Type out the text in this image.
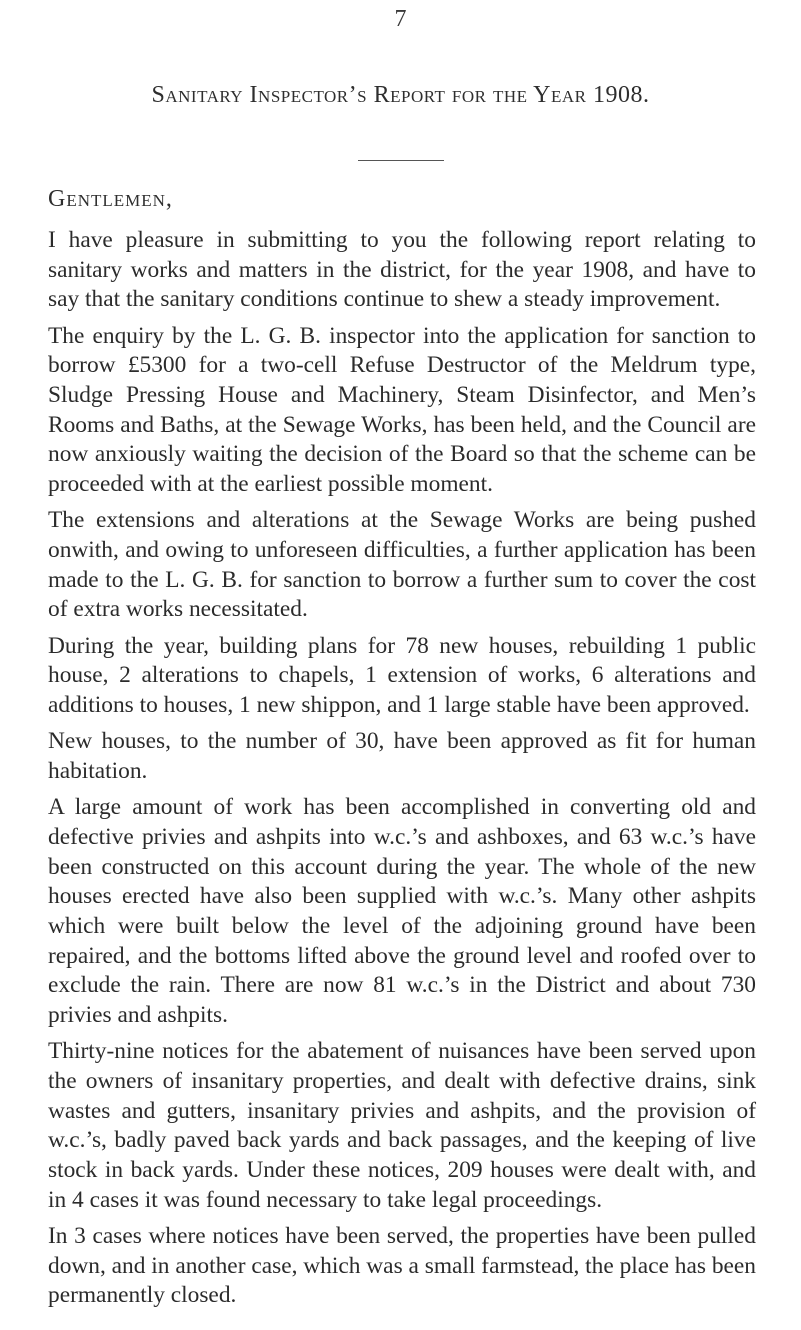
7
Sanitary Inspector’s Report for the Year 1908.
Gentlemen,

I have pleasure in submitting to you the following report relating to sanitary works and matters in the district, for the year 1908, and have to say that the sanitary conditions continue to shew a steady improvement.

The enquiry by the L. G. B. inspector into the application for sanction to borrow £5300 for a two-cell Refuse Destructor of the Meldrum type, Sludge Pressing House and Machinery, Steam Disinfector, and Men’s Rooms and Baths, at the Sewage Works, has been held, and the Council are now anxiously waiting the decision of the Board so that the scheme can be proceeded with at the earliest possible moment.

The extensions and alterations at the Sewage Works are being pushed onwith, and owing to unforeseen difficulties, a further application has been made to the L. G. B. for sanction to borrow a further sum to cover the cost of extra works necessitated.

During the year, building plans for 78 new houses, rebuilding 1 public house, 2 alterations to chapels, 1 extension of works, 6 alterations and additions to houses, 1 new shippon, and 1 large stable have been approved.

New houses, to the number of 30, have been approved as fit for human habitation.

A large amount of work has been accomplished in converting old and defective privies and ashpits into w.c.’s and ashboxes, and 63 w.c.’s have been constructed on this account during the year. The whole of the new houses erected have also been supplied with w.c.’s. Many other ashpits which were built below the level of the adjoining ground have been repaired, and the bottoms lifted above the ground level and roofed over to exclude the rain. There are now 81 w.c.’s in the District and about 730 privies and ashpits.

Thirty-nine notices for the abatement of nuisances have been served upon the owners of insanitary properties, and dealt with defective drains, sink wastes and gutters, insanitary privies and ashpits, and the provision of w.c.’s, badly paved back yards and back passages, and the keeping of live stock in back yards. Under these notices, 209 houses were dealt with, and in 4 cases it was found necessary to take legal proceedings.

In 3 cases where notices have been served, the properties have been pulled down, and in another case, which was a small farmstead, the place has been permanently closed.
